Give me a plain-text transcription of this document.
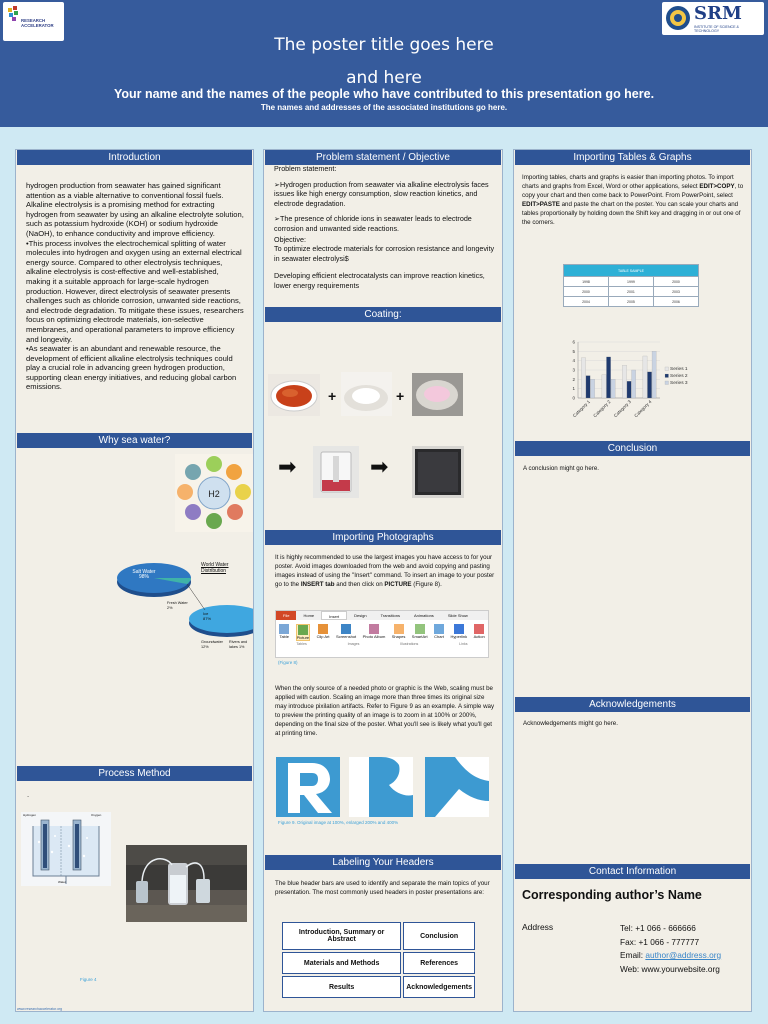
RESEARCH ACCELERATOR
SRM
INSTITUTE OF SCIENCE & TECHNOLOGY
The poster title goes here
and here
Your name and the names of the people who have contributed to this presentation go here.
The names and addresses of the associated institutions go here.
Introduction

hydrogen production from seawater has gained significant attention as a viable alternative to conventional fossil fuels. Alkaline electrolysis is a promising method for extracting hydrogen from seawater by using an alkaline electrolyte solution, such as potassium hydroxide (KOH) or sodium hydroxide (NaOH), to enhance conductivity and improve efficiency.

•This process involves the electrochemical splitting of water molecules into hydrogen and oxygen using an external electrical energy source. Compared to other electrolysis techniques, alkaline electrolysis is cost-effective and well-established, making it a suitable approach for large-scale hydrogen production. However, direct electrolysis of seawater presents challenges such as chloride corrosion, unwanted side reactions, and electrode degradation. To mitigate these issues, researchers focus on optimizing electrode materials, ion-selective membranes, and operational parameters to improve efficiency and longevity.

•As seawater is an abundant and renewable resource, the development of efficient alkaline electrolysis techniques could play a crucial role in advancing green hydrogen production, supporting clean energy initiatives, and reducing global carbon emissions.

Why sea water?
H2
Salt Water
98%
World Water Distribution
Fresh Water
2%
Ice
87%
Groundwater 12%
Rivers and lakes 1%
Process Method
.
Hydrogen	Oxygen
Water
Figure 4
www.researchaccelerator.org
Problem statement / Objective
Problem statement:
➢Hydrogen production from seawater via alkaline electrolysis faces issues like high energy consumption, slow reaction kinetics, and electrode degradation.
➢The presence of chloride ions in seawater leads to electrode corrosion and unwanted side reactions.
Objective:
To optimize electrode materials for corrosion resistance and longevity in seawater electrolysi$
Developing efficient electrocatalysts can improve reaction kinetics, lower energy requirements
Coating:
+	+
➡	➡
Importing Photographs
It is highly recommended to use the largest images you have access to for your poster. Avoid images downloaded from the web and avoid copying and pasting images instead of using the "Insert" command. To insert an image to your poster go to the INSERT tab and then click on PICTURE (Figure 8).
File	Home	Insert	Design	Transitions	Animations	Slide Show
Table Picture Clip Art Screenshot Photo Album Shapes SmartArt Chart Hyperlink Action
Tables	Images	Illustrations	Links
(Figure 8)
When the only source of a needed photo or graphic is the Web, scaling must be applied with caution. Scaling an image more than three times its original size may introduce pixilation artifacts. Refer to Figure 9 as an example. A simple way to preview the printing quality of an image is to zoom in at 100% or 200%, depending on the final size of the poster. What you'll see is likely what you'll get at printing time.
Figure 9. Original image at 100%, enlarged 200% and 400%
Labeling Your Headers
The blue header bars are used to identify and separate the main topics of your presentation. The most commonly used headers in poster presentations are:
Introduction, Summary or Abstract	Conclusion
Materials and Methods	References
Results	Acknowledgements
Importing Tables & Graphs
Importing tables, charts and graphs is easier than importing photos. To import charts and graphs from Excel, Word or other applications, select EDIT>COPY, to copy your chart and then come back to PowerPoint. From PowerPoint, select EDIT>PASTE and paste the chart on the poster. You can scale your charts and tables proportionally by holding down the Shift key and dragging in or out one of the corners.
TABLE SAMPLE		
1998	1999	2000
2000	2001	2003
2004	2005	2006
0
1
2
3
4
5
6
Category 1 Category 2 Category 3 Category 4
Series 1
Series 2
Series 3
Conclusion
A conclusion might go here.
Acknowledgements
Acknowledgements might go here.
Contact Information
Corresponding author’s Name
Address	Tel: +1 066 - 666666
Fax: +1 066 - 777777
Email: author@address.org
Web: www.yourwebsite.org
